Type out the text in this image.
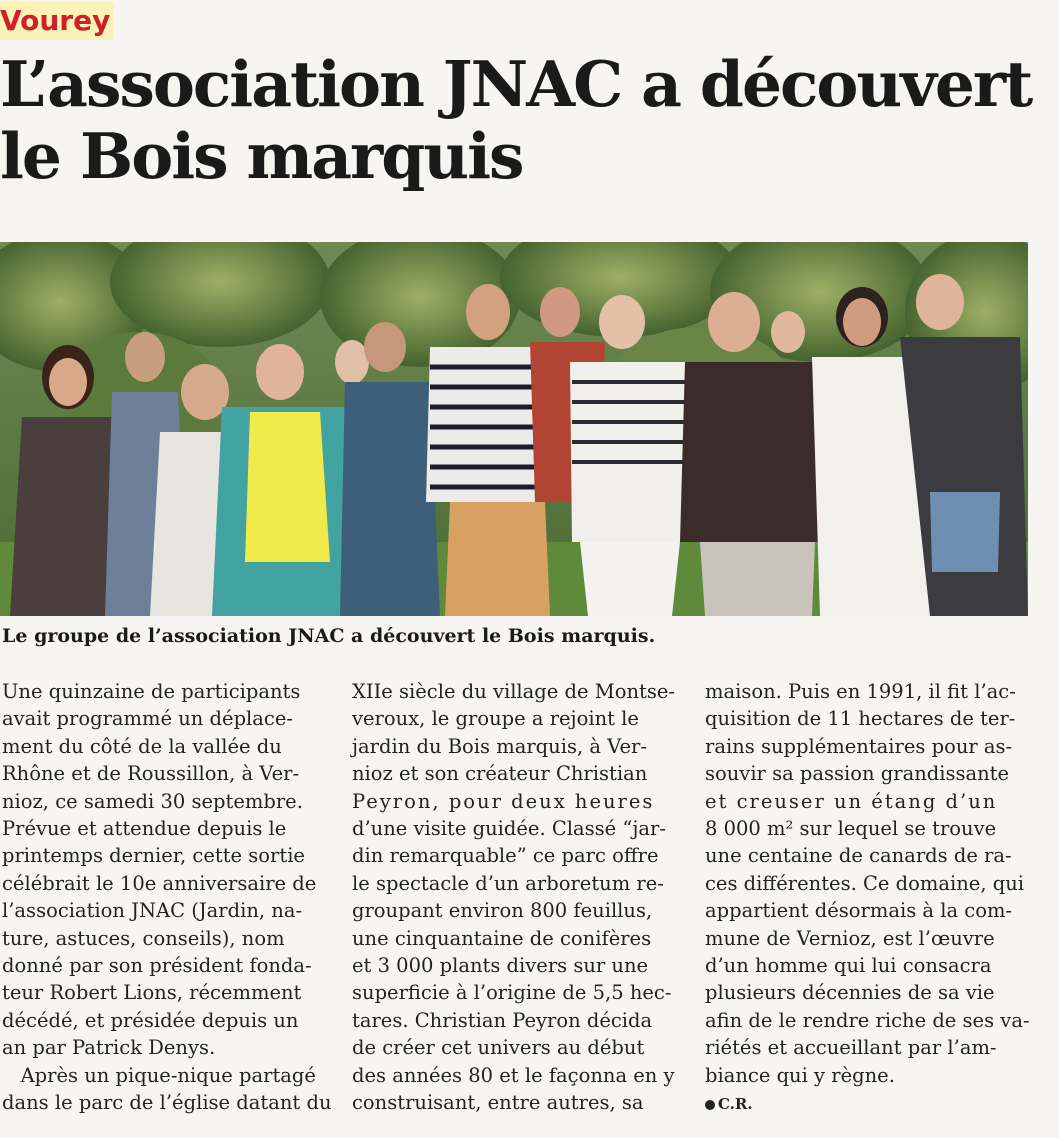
Vourey
L’association JNAC a découvert
le Bois marquis

Le groupe de l’association JNAC a découvert le Bois marquis.

Une quinzaine de participants
avait programmé un déplace-
ment du côté de la vallée du
Rhône et de Roussillon, à Ver-
nioz, ce samedi 30 septembre.
Prévue et attendue depuis le
printemps dernier, cette sortie
célébrait le 10e anniversaire de
l’association JNAC (Jardin, na-
ture, astuces, conseils), nom
donné par son président fonda-
teur Robert Lions, récemment
décédé, et présidée depuis un
an par Patrick Denys.
Après un pique-nique partagé
dans le parc de l’église datant du
XIIe siècle du village de Montse-
veroux, le groupe a rejoint le
jardin du Bois marquis, à Ver-
nioz et son créateur Christian
Peyron, pour deux heures
d’une visite guidée. Classé “jar-
din remarquable” ce parc offre
le spectacle d’un arboretum re-
groupant environ 800 feuillus,
une cinquantaine de conifères
et 3 000 plants divers sur une
superficie à l’origine de 5,5 hec-
tares. Christian Peyron décida
de créer cet univers au début
des années 80 et le façonna en y
construisant, entre autres, sa
maison. Puis en 1991, il fit l’ac-
quisition de 11 hectares de ter-
rains supplémentaires pour as-
souvir sa passion grandissante
et creuser un étang d’un
8 000 m² sur lequel se trouve
une centaine de canards de ra-
ces différentes. Ce domaine, qui
appartient désormais à la com-
mune de Vernioz, est l’œuvre
d’un homme qui lui consacra
plusieurs décennies de sa vie
afin de le rendre riche de ses va-
riétés et accueillant par l’am-
biance qui y règne.
C.R.
